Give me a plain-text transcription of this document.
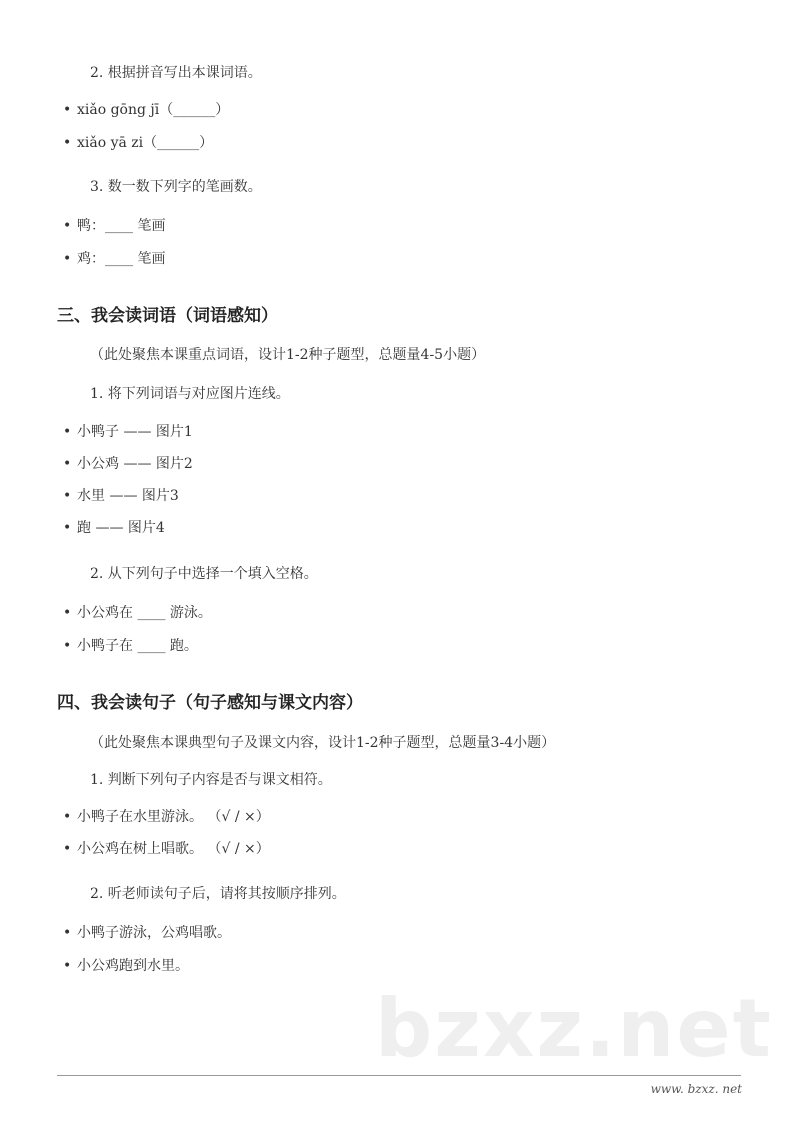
2. 根据拼音写出本课词语。
• xiǎo gōng jī（______）
• xiǎo yā zi（______）
3. 数一数下列字的笔画数。
• 鸭：____ 笔画
• 鸡：____ 笔画
三、我会读词语（词语感知）
（此处聚焦本课重点词语，设计1-2种子题型，总题量4-5小题）
1. 将下列词语与对应图片连线。
• 小鸭子 —— 图片1
• 小公鸡 —— 图片2
• 水里 —— 图片3
• 跑 —— 图片4
2. 从下列句子中选择一个填入空格。
• 小公鸡在 ____ 游泳。
• 小鸭子在 ____ 跑。
四、我会读句子（句子感知与课文内容）
（此处聚焦本课典型句子及课文内容，设计1-2种子题型，总题量3-4小题）
1. 判断下列句子内容是否与课文相符。
• 小鸭子在水里游泳。 （√ / ×）
• 小公鸡在树上唱歌。 （√ / ×）
2. 听老师读句子后，请将其按顺序排列。
• 小鸭子游泳，公鸡唱歌。
• 小公鸡跑到水里。
bzxz.net
www. bzxz. net
